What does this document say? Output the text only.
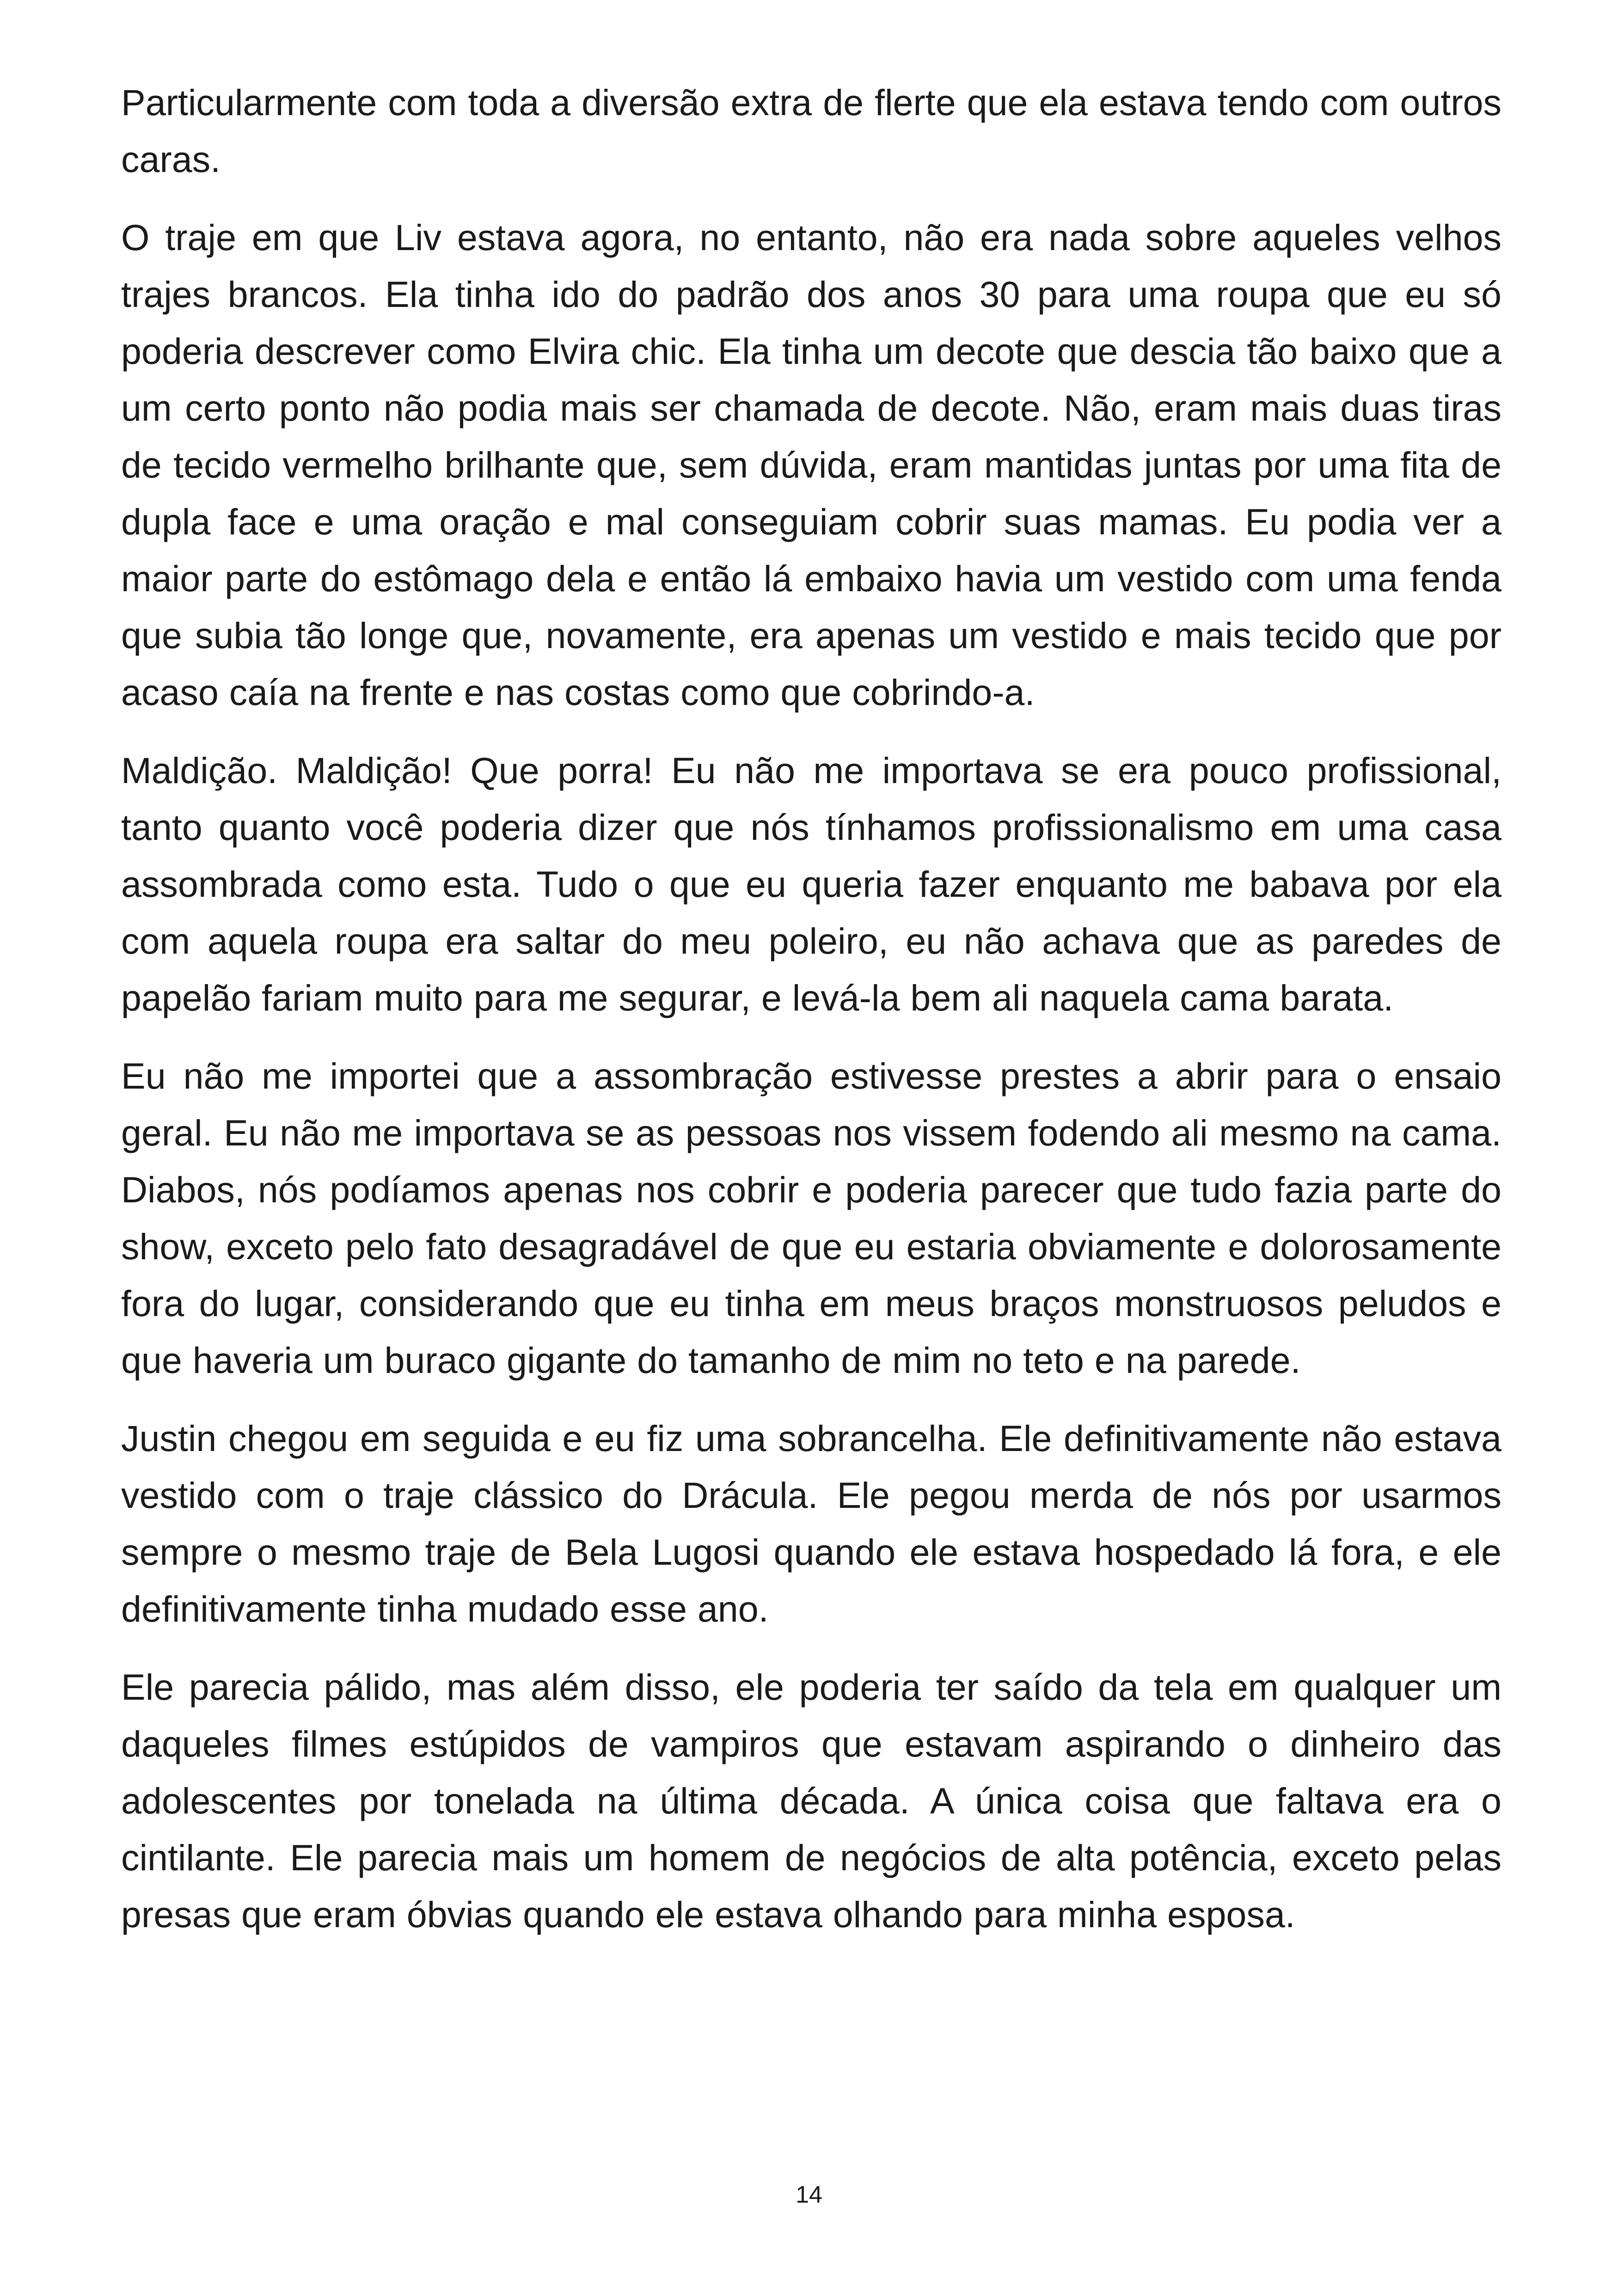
Particularmente com toda a diversão extra de flerte que ela estava tendo com outros caras.

O traje em que Liv estava agora, no entanto, não era nada sobre aqueles velhos trajes brancos. Ela tinha ido do padrão dos anos 30 para uma roupa que eu só poderia descrever como Elvira chic. Ela tinha um decote que descia tão baixo que a um certo ponto não podia mais ser chamada de decote. Não, eram mais duas tiras de tecido vermelho brilhante que, sem dúvida, eram mantidas juntas por uma fita de dupla face e uma oração e mal conseguiam cobrir suas mamas. Eu podia ver a maior parte do estômago dela e então lá embaixo havia um vestido com uma fenda que subia tão longe que, novamente, era apenas um vestido e mais tecido que por acaso caía na frente e nas costas como que cobrindo-a.

Maldição. Maldição! Que porra! Eu não me importava se era pouco profissional, tanto quanto você poderia dizer que nós tínhamos profissionalismo em uma casa assombrada como esta. Tudo o que eu queria fazer enquanto me babava por ela com aquela roupa era saltar do meu poleiro, eu não achava que as paredes de papelão fariam muito para me segurar, e levá-la bem ali naquela cama barata.

Eu não me importei que a assombração estivesse prestes a abrir para o ensaio geral. Eu não me importava se as pessoas nos vissem fodendo ali mesmo na cama. Diabos, nós podíamos apenas nos cobrir e poderia parecer que tudo fazia parte do show, exceto pelo fato desagradável de que eu estaria obviamente e dolorosamente fora do lugar, considerando que eu tinha em meus braços monstruosos peludos e que haveria um buraco gigante do tamanho de mim no teto e na parede.

Justin chegou em seguida e eu fiz uma sobrancelha. Ele definitivamente não estava vestido com o traje clássico do Drácula. Ele pegou merda de nós por usarmos sempre o mesmo traje de Bela Lugosi quando ele estava hospedado lá fora, e ele definitivamente tinha mudado esse ano.

Ele parecia pálido, mas além disso, ele poderia ter saído da tela em qualquer um daqueles filmes estúpidos de vampiros que estavam aspirando o dinheiro das adolescentes por tonelada na última década. A única coisa que faltava era o cintilante. Ele parecia mais um homem de negócios de alta potência, exceto pelas presas que eram óbvias quando ele estava olhando para minha esposa.

14
